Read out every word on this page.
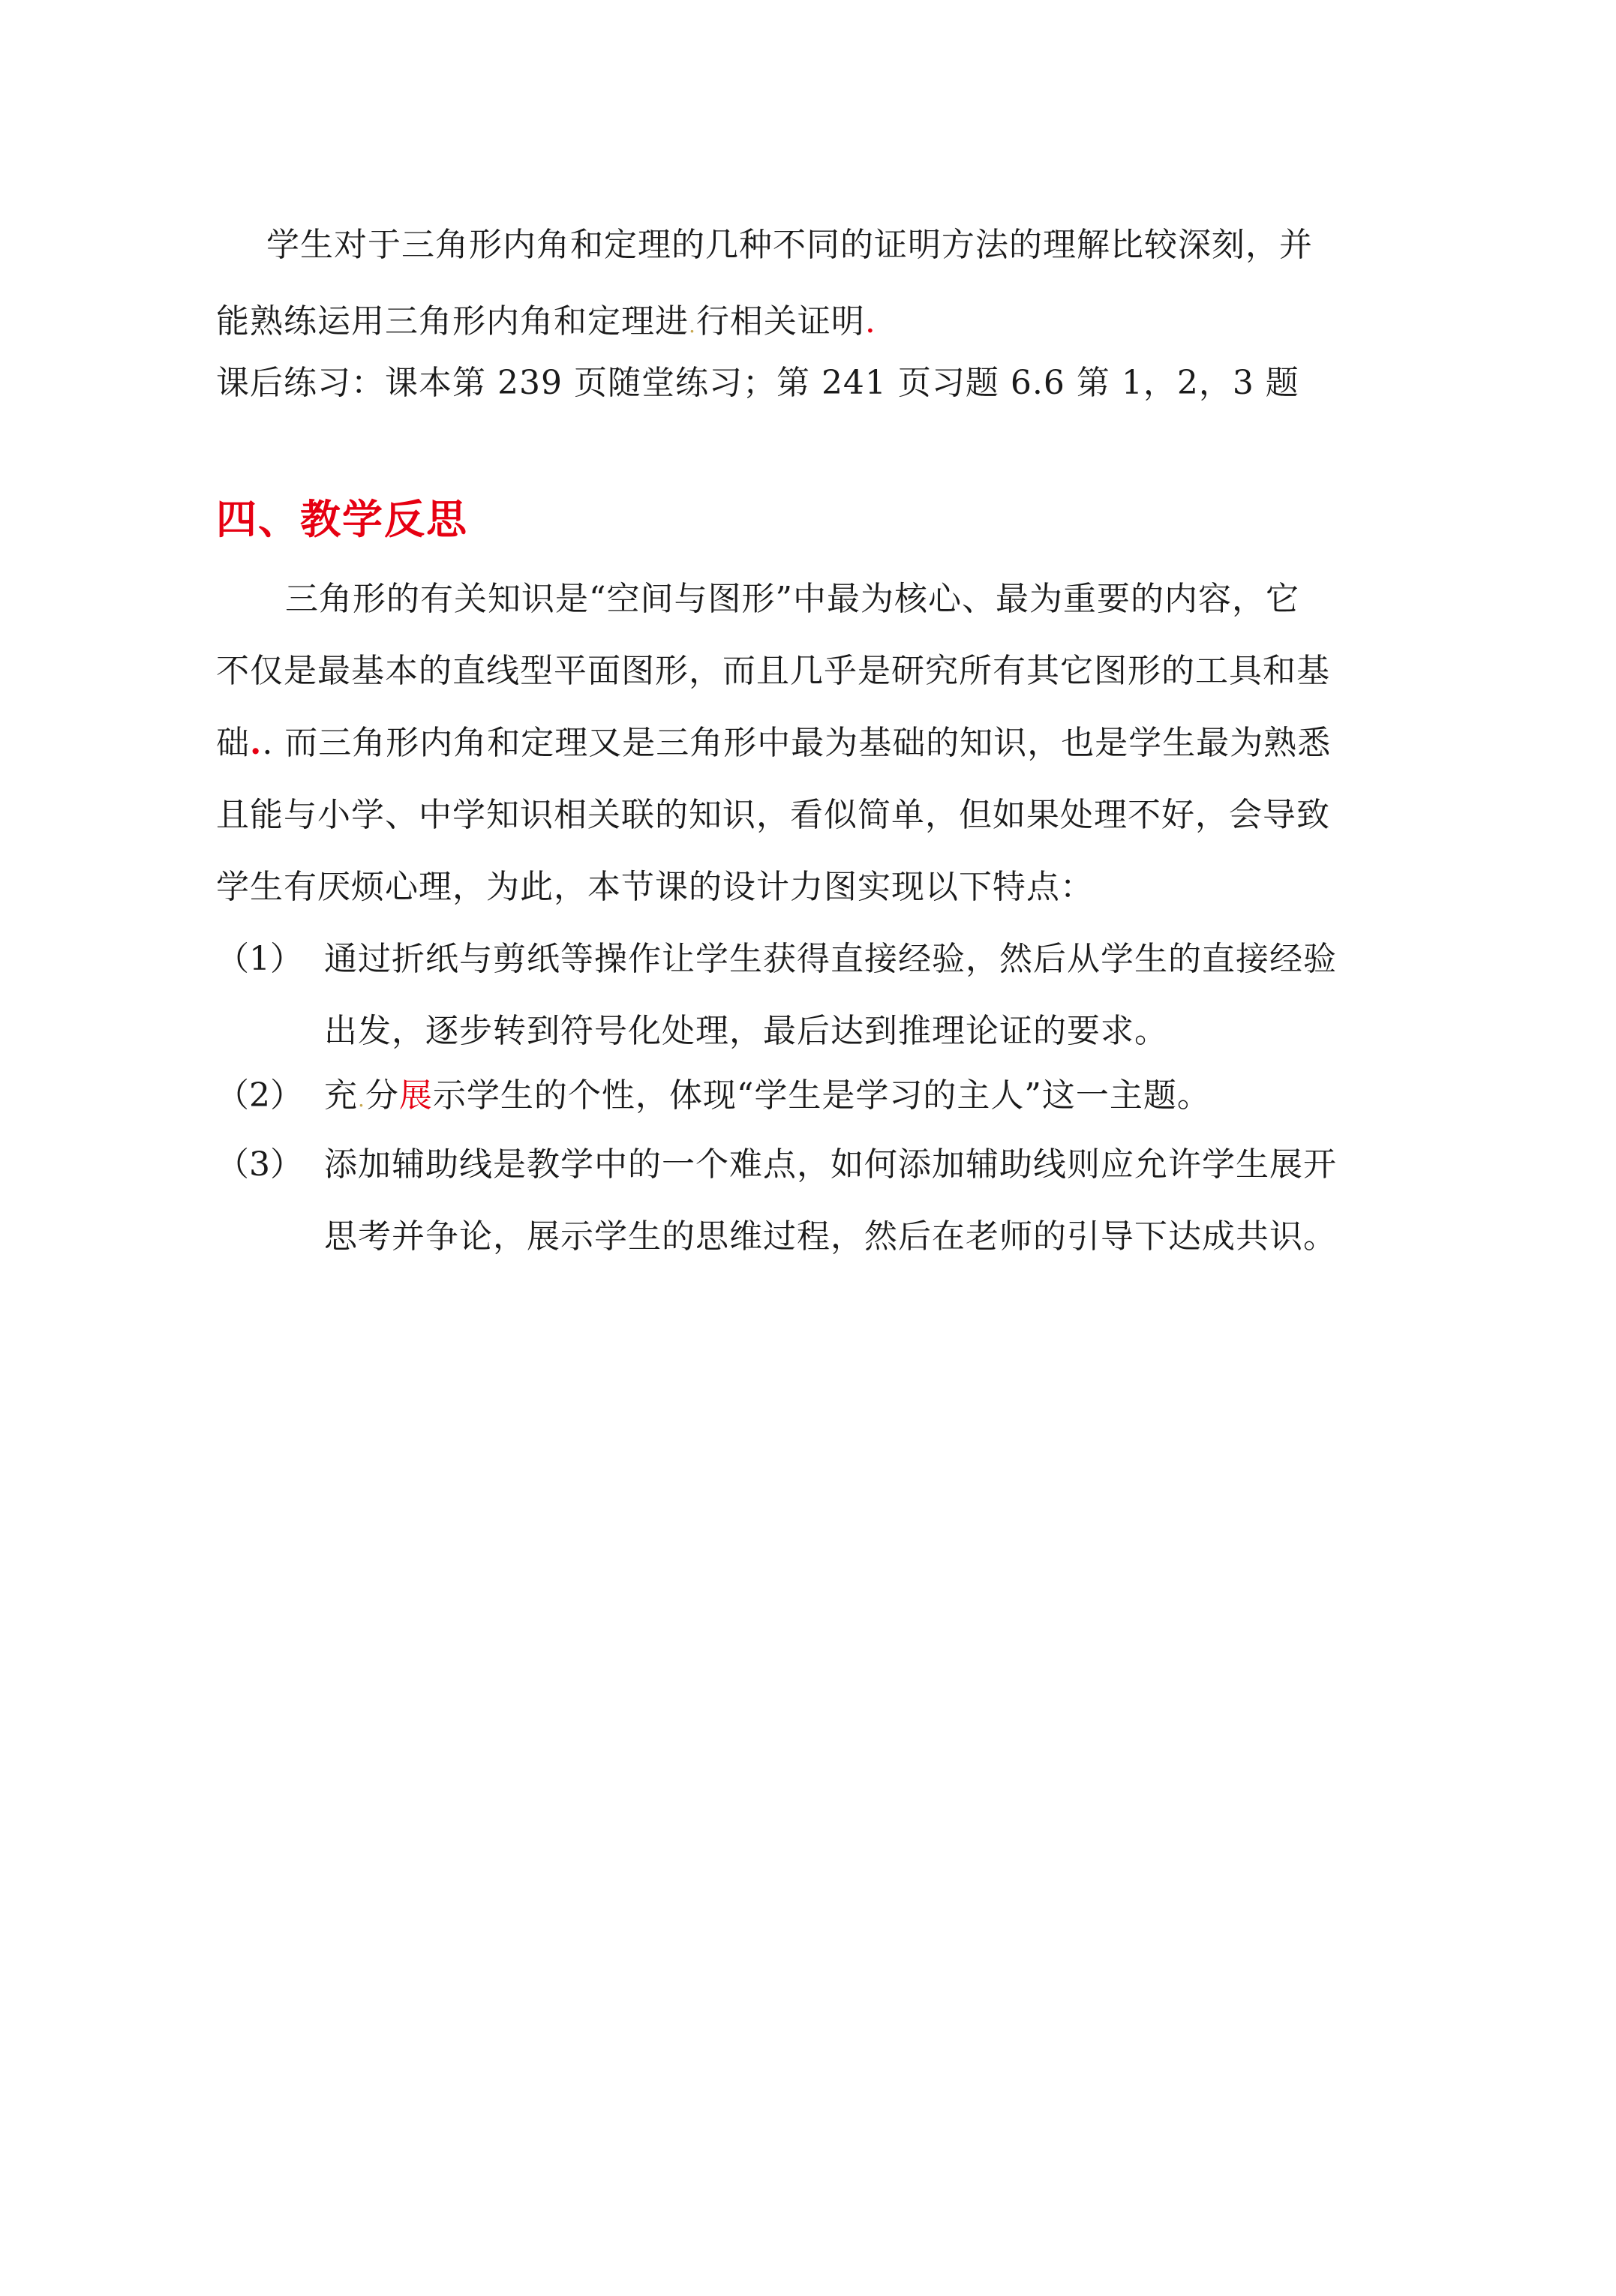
学生对于三角形内角和定理的几种不同的证明方法的理解比较深刻，并
能熟练运用三角形内角和定理进.行相关证明.
课后练习：课本第 239 页随堂练习；第 241 页习题 6.6 第 1，2，3 题
四、教学反思
三角形的有关知识是“空间与图形”中最为核心、最为重要的内容，它
不仅是最基本的直线型平面图形，而且几乎是研究所有其它图形的工具和基
础.. 而三角形内角和定理又是三角形中最为基础的知识，也是学生最为熟悉
且能与小学、中学知识相关联的知识，看似简单，但如果处理不好，会导致
学生有厌烦心理，为此，本节课的设计力图实现以下特点：
（1） 通过折纸与剪纸等操作让学生获得直接经验，然后从学生的直接经验
出发，逐步转到符号化处理，最后达到推理论证的要求。
（2） 充.分展示学生的个性，体现“学生是学习的主人”这一主题。
（3） 添加辅助线是教学中的一个难点，如何添加辅助线则应允许学生展开
思考并争论，展示学生的思维过程，然后在老师的引导下达成共识。
